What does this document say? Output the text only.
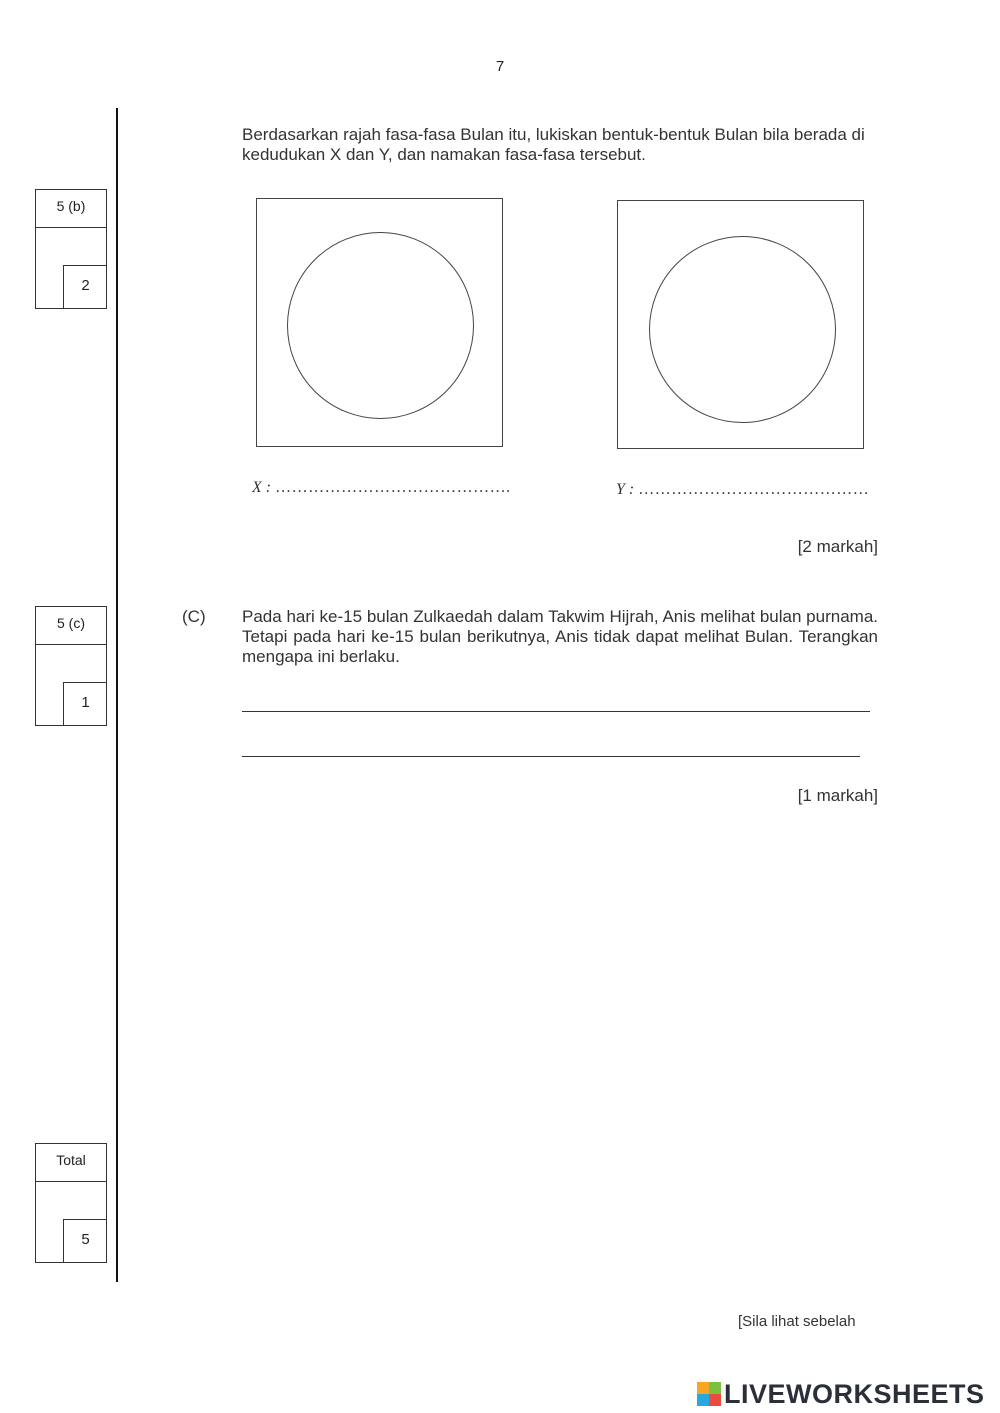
7
5 (b)
2
5 (c)
1
Total
5
Berdasarkan rajah fasa-fasa Bulan itu, lukiskan bentuk-bentuk Bulan bila berada di kedudukan X dan Y, dan namakan fasa-fasa tersebut.
X : …………………………………….	Y : ……………………………………
[2 markah]
(C) Pada hari ke-15 bulan Zulkaedah dalam Takwim Hijrah, Anis melihat bulan purnama. Tetapi pada hari ke-15 bulan berikutnya, Anis tidak dapat melihat Bulan. Terangkan mengapa ini berlaku.
[1 markah]
[Sila lihat sebelah
LIVEWORKSHEETS
